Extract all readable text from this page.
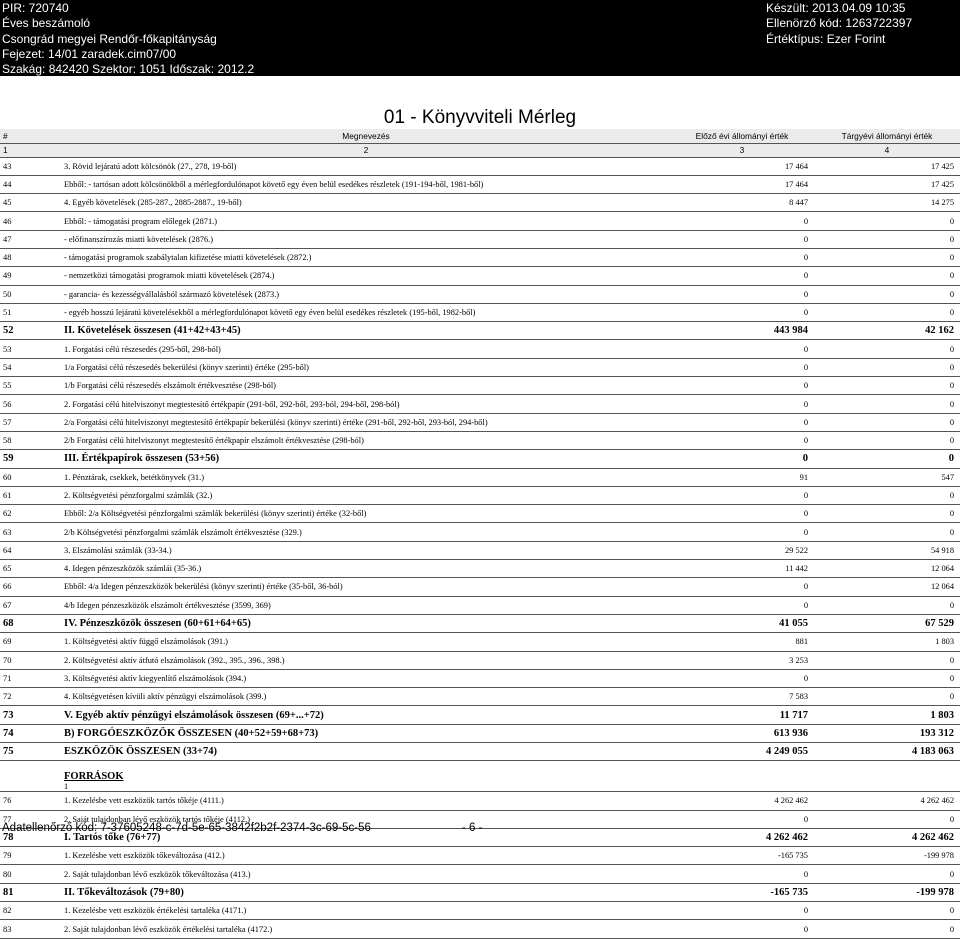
PIR: 720740
Éves beszámoló
Csongrád megyei Rendőr-főkapitányság
Fejezet: 14/01 zaradek.cim07/00
Szakág: 842420 Szektor: 1051 Időszak: 2012.2
Készült: 2013.04.09 10:35
Ellenörző kód: 1263722397
Értéktípus: Ezer Forint
01 - Könyvviteli Mérleg
#	Megnevezés	Előző évi állományi érték	Tárgyévi állományi érték
1	2	3	4
43	3. Rövid lejáratú adott kölcsönök (27., 278, 19-ből)	17 464	17 425
44	Ebből: - tartósan adott kölcsönökből a mérlegfordulónapot követő egy éven belül esedékes részletek (191-194-ből, 1981-ből)	17 464	17 425
45	4. Egyéb követelések (285-287., 2885-2887., 19-ből)	8 447	14 275
46	Ebből: - támogatási program előlegek (2871.)	0	0
47	- előfinanszírozás miatti követelések (2876.)	0	0
48	- támogatási programok szabálytalan kifizetése miatti követelések (2872.)	0	0
49	- nemzetközi támogatási programok miatti követelések (2874.)	0	0
50	- garancia- és kezességvállalásból származó követelések (2873.)	0	0
51	- egyéb hosszú lejáratú követelésekből a mérlegfordulónapot követő egy éven belül esedékes részletek (195-ből, 1982-ből)	0	0
52	II. Követelések összesen (41+42+43+45)	443 984	42 162
53	1. Forgatási célú részesedés (295-ből, 298-ból)	0	0
54	1/a Forgatási célú részesedés bekerülési (könyv szerinti) értéke (295-ből)	0	0
55	1/b Forgatási célú részesedés elszámolt értékvesztése (298-ból)	0	0
56	2. Forgatási célú hitelviszonyt megtestesítő értékpapír (291-ből, 292-ből, 293-ból, 294-ből, 298-ból)	0	0
57	2/a Forgatási célú hitelviszonyt megtestesítő értékpapír bekerülési (könyv szerinti) értéke (291-ből, 292-ből, 293-ból, 294-ből)	0	0
58	2/b Forgatási célú hitelviszonyt megtestesítő értékpapír elszámolt értékvesztése (298-ból)	0	0
59	III. Értékpapírok összesen (53+56)	0	0
60	1. Pénztárak, csekkek, betétkönyvek (31.)	91	547
61	2. Költségvetési pénzforgalmi számlák (32.)	0	0
62	Ebből: 2/a Költségvetési pénzforgalmi számlák bekerülési (könyv szerinti) értéke (32-ből)	0	0
63	2/b Költségvetési pénzforgalmi számlák elszámolt értékvesztése (329.)	0	0
64	3. Elszámolási számlák (33-34.)	29 522	54 918
65	4. Idegen pénzeszközök számlái (35-36.)	11 442	12 064
66	Ebből: 4/a Idegen pénzeszközök bekerülési (könyv szerinti) értéke (35-ből, 36-ból)	0	12 064
67	4/b Idegen pénzeszközök elszámolt értékvesztése (3599, 369)	0	0
68	IV. Pénzeszközök összesen (60+61+64+65)	41 055	67 529
69	1. Költségvetési aktív függő elszámolások (391.)	881	1 803
70	2. Költségvetési aktív átfutó elszámolások (392., 395., 396., 398.)	3 253	0
71	3. Költségvetési aktív kiegyenlítő elszámolások (394.)	0	0
72	4. Költségvetésen kívüli aktív pénzügyi elszámolások (399.)	7 583	0
73	V. Egyéb aktív pénzügyi elszámolások összesen (69+...+72)	11 717	1 803
74	B) FORGÓESZKÖZÖK ÖSSZESEN (40+52+59+68+73)	613 936	193 312
75	ESZKÖZÖK ÖSSZESEN (33+74)	4 249 055	4 183 063

	FORRÁSOK
1		

76	1. Kezelésbe vett eszközök tartós tőkéje (4111.)	4 262 462	4 262 462
77	2. Saját tulajdonban lévő eszközök tartós tőkéje (4112.)	0	0
78	I. Tartós tőke (76+77)	4 262 462	4 262 462
79	1. Kezelésbe vett eszközök tőkeváltozása (412.)	-165 735	-199 978
80	2. Saját tulajdonban lévő eszközök tőkeváltozása (413.)	0	0
81	II. Tőkeváltozások (79+80)	-165 735	-199 978
82	1. Kezelésbe vett eszközök értékelési tartaléka (4171.)	0	0
83	2. Saját tulajdonban lévő eszközök értékelési tartaléka (4172.)	0	0
Adatellenőrző kód: 7-37605248-c-7d-5e-65-3842f2b2f-2374-3c-69-5c-56	- 6 -
